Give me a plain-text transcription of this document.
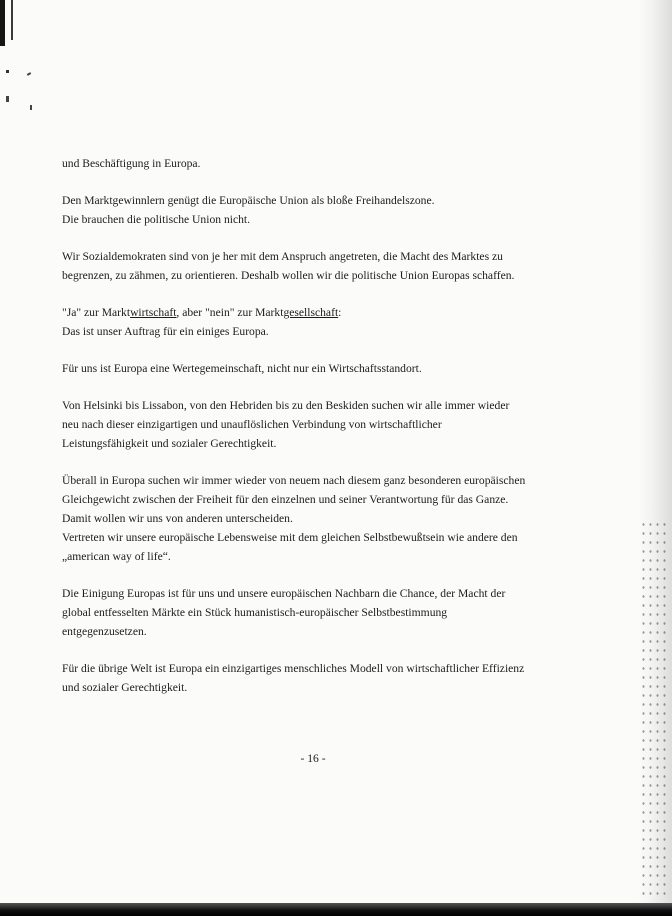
und Beschäftigung in Europa.
Den Marktgewinnlern genügt die Europäische Union als bloße Freihandelszone.
Die brauchen die politische Union nicht.
Wir Sozialdemokraten sind von je her mit dem Anspruch angetreten, die Macht des Marktes zu
begrenzen, zu zähmen, zu orientieren. Deshalb wollen wir die politische Union Europas schaffen.
"Ja" zur Marktwirtschaft, aber "nein" zur Marktgesellschaft:
Das ist unser Auftrag für ein einiges Europa.
Für uns ist Europa eine Wertegemeinschaft, nicht nur ein Wirtschaftsstandort.
Von Helsinki bis Lissabon, von den Hebriden bis zu den Beskiden suchen wir alle immer wieder
neu nach dieser einzigartigen und unauflöslichen Verbindung von wirtschaftlicher
Leistungsfähigkeit und sozialer Gerechtigkeit.
Überall in Europa suchen wir immer wieder von neuem nach diesem ganz besonderen europäischen
Gleichgewicht zwischen der Freiheit für den einzelnen und seiner Verantwortung für das Ganze.
Damit wollen wir uns von anderen unterscheiden.
Vertreten wir unsere europäische Lebensweise mit dem gleichen Selbstbewußtsein wie andere den
„american way of life“.
Die Einigung Europas ist für uns und unsere europäischen Nachbarn die Chance, der Macht der
global entfesselten Märkte ein Stück humanistisch-europäischer Selbstbestimmung
entgegenzusetzen.
Für die übrige Welt ist Europa ein einzigartiges menschliches Modell von wirtschaftlicher Effizienz
und sozialer Gerechtigkeit.
- 16 -
